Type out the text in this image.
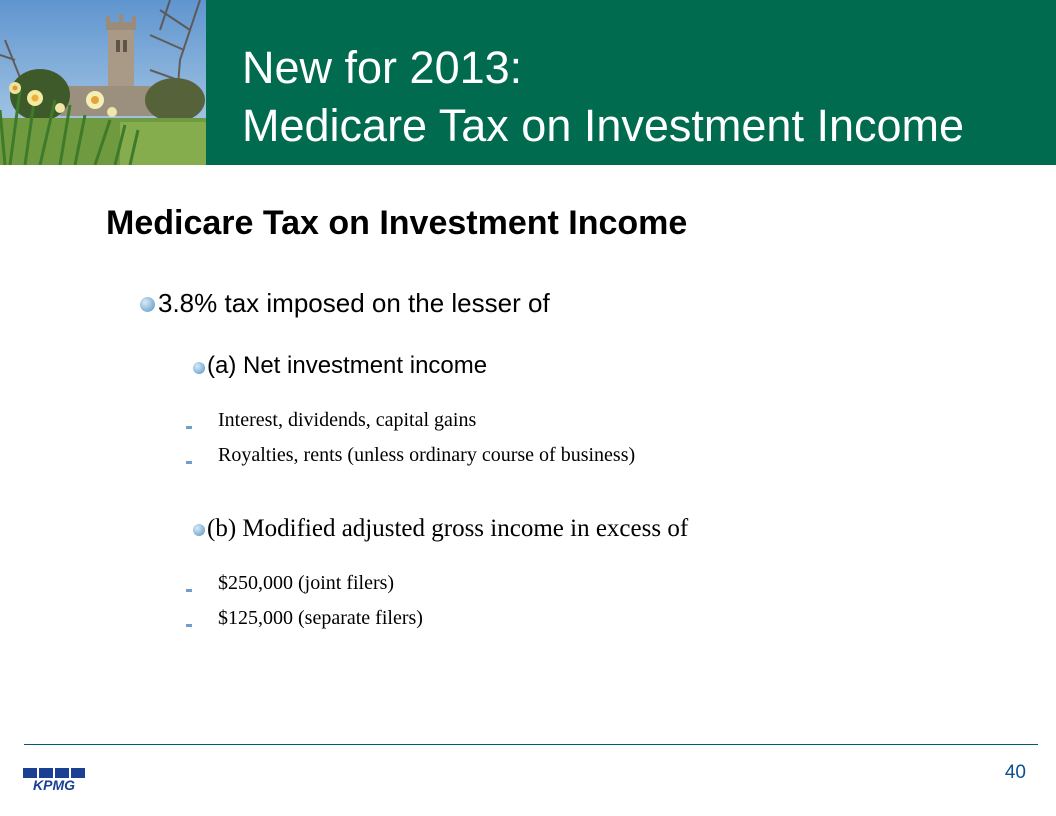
New for 2013:
Medicare Tax on Investment Income
Medicare Tax on Investment Income
3.8% tax imposed on the lesser of
(a) Net investment income
Interest, dividends, capital gains
Royalties, rents (unless ordinary course of business)
(b) Modified adjusted gross income in excess of
$250,000 (joint filers)
$125,000 (separate filers)
KPMG
40
